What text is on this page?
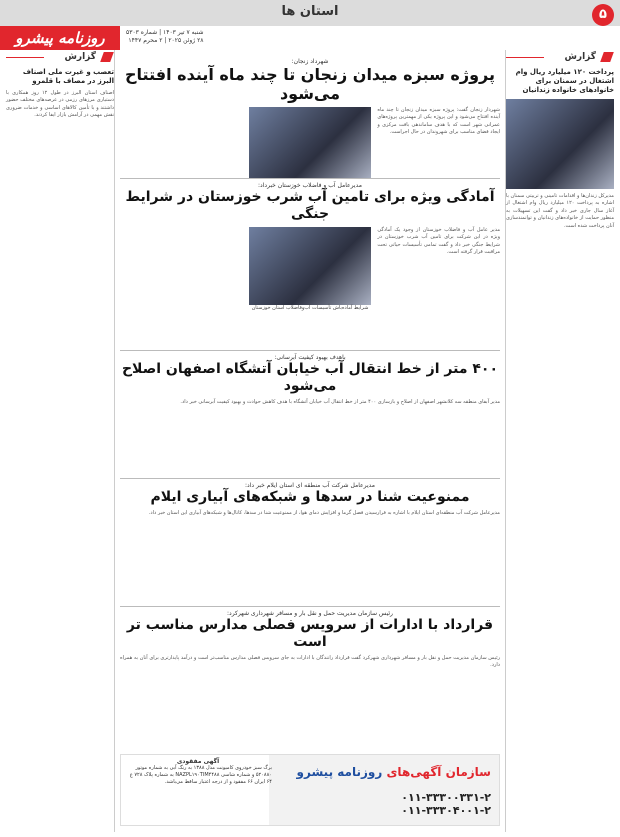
استان ها	۵
روزنامه پیشرو	شنبه ۷ تیر ۱۴۰۳ | شماره ۵۳۰۳
۲۸ ژوئن ۲۰۲۵ | ۲ محرم ۱۴۴۷
گزارش
پرداخت ۱۲۰ میلیارد ریال وام اشتغال در سمنان برای خانوادهای خانواده زندانیان
مدیرکل زندان‌ها و اقدامات تامینی و تربیتی سمنان با اشاره به پرداخت ۱۲۰ میلیارد ریال وام اشتغال از آغاز سال جاری خبر داد و گفت این تسهیلات به منظور حمایت از خانواده‌های زندانیان و توانمندسازی آنان پرداخت شده است.
گزارش
تعصب و غیرت ملی اصناف البرز در مصاف با قلمرو
اصناف استان البرز در طول ۱۲ روز همکاری با دستیاری مرزهای رزمی در عرصه‌های مختلف حضور داشتند و با تأمین کالاهای اساسی و خدمات ضروری نقش مهمی در آرامش بازار ایفا کردند.
شهرداد زنجان:
پروژه سبزه میدان زنجان تا چند ماه آینده افتتاح می‌شود
شهردار زنجان گفت: پروژه سبزه میدان زنجان تا چند ماه آینده افتتاح می‌شود و این پروژه یکی از مهمترین پروژه‌های عمرانی شهر است که با هدف ساماندهی بافت مرکزی و ایجاد فضای مناسب برای شهروندان در حال اجراست.
مدیرعامل آب و فاضلاب خوزستان خبرداد:
آمادگی ویژه برای تامین آب شرب خوزستان در شرایط جنگی
مدیر عامل آب و فاضلاب خوزستان از وجود یک آمادگی ویژه در این شرکت برای تامین آب شرب خوزستان در شرایط جنگی خبر داد و گفت تمامی تأسیسات حیاتی تحت مراقبت قرار گرفته است.
شرایط آماده‌باش تأسیسات آب‌وفاضلاب استان خوزستان
باهدف بهبود کیفیت آبرسانی:
۴۰۰ متر از خط انتقال آب خیابان آتشگاه اصفهان اصلاح می‌شود
مدیر آبفای منطقه سه کلانشهر اصفهان از اصلاح و بازسازی ۴۰۰ متر از خط انتقال آب خیابان آتشگاه با هدف کاهش حوادث و بهبود کیفیت آبرسانی خبر داد.
مدیرعامل شرکت آب منطقه ای استان ایلام خبر داد:
ممنوعیت شنا در سدها و شبکه‌های آبیاری ایلام
مدیرعامل شرکت آب منطقه‌ای استان ایلام با اشاره به فرارسیدن فصل گرما و افزایش دمای هوا، از ممنوعیت شنا در سدها، کانال‌ها و شبکه‌های آبیاری این استان خبر داد.
رئیس سازمان مدیریت حمل و نقل بار و مسافر شهرداری شهرکرد:
قرارداد با ادارات از سرویس فصلی مدارس مناسب تر است
رئیس سازمان مدیریت حمل و نقل بار و مسافر شهرداری شهرکرد گفت قرارداد رانندگان با ادارات به جای سرویس فصلی مدارس مناسب‌تر است و درآمد پایدارتری برای آنان به همراه دارد.
سازمان آگهی‌های روزنامه پیشرو
۰۱۱-۳۳۳۰۰۳۳۱-۲
۰۱۱-۳۳۳۰۴۰۰۱-۲
آگهی مفقودی
برگ سبز خودروی کامیونت مدل ۱۳۸۸ به رنگ آبی به شماره موتور ۵۲۰۸۸۰ و شماره شاسی NAZPL۱۹۰TIM۴۴۸۸ به شماره پلاک ۷۲۸ ع ۶۴ ایران ۶۶ مفقود و از درجه اعتبار ساقط می‌باشد.
